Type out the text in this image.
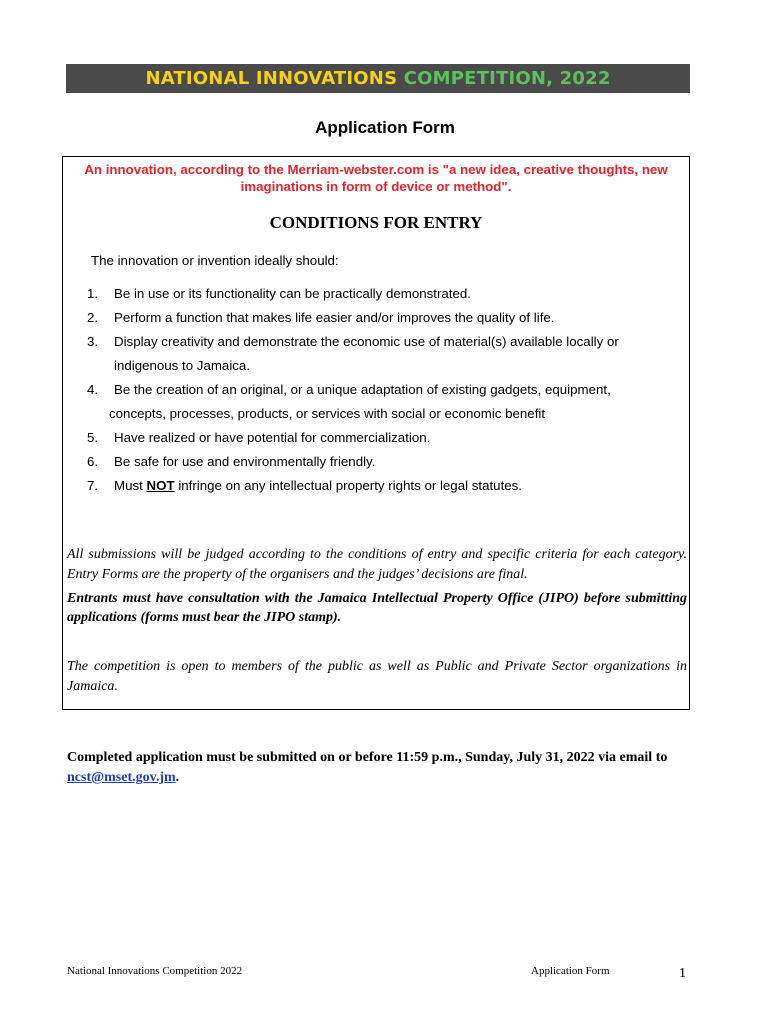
NATIONAL INNOVATIONS COMPETITION, 2022
Application Form
An innovation, according to the Merriam-webster.com is "a new idea, creative thoughts, new imaginations in form of device or method".
CONDITIONS FOR ENTRY
The innovation or invention ideally should:
1.	Be in use or its functionality can be practically demonstrated.
2.	Perform a function that makes life easier and/or improves the quality of life.
3.	Display creativity and demonstrate the economic use of material(s) available locally or
indigenous to Jamaica.
4.	Be the creation of an original, or a unique adaptation of existing gadgets, equipment,
concepts, processes, products, or services with social or economic benefit
5.	Have realized or have potential for commercialization.
6.	Be safe for use and environmentally friendly.
7.	Must NOT infringe on any intellectual property rights or legal statutes.
All submissions will be judged according to the conditions of entry and specific criteria for each category. Entry Forms are the property of the organisers and the judges’ decisions are final.
Entrants must have consultation with the Jamaica Intellectual Property Office (JIPO) before submitting applications (forms must bear the JIPO stamp).
The competition is open to members of the public as well as Public and Private Sector organizations in Jamaica.
Completed application must be submitted on or before 11:59 p.m., Sunday, July 31, 2022 via email to ncst@mset.gov.jm.
National Innovations Competition 2022	Application Form	1
